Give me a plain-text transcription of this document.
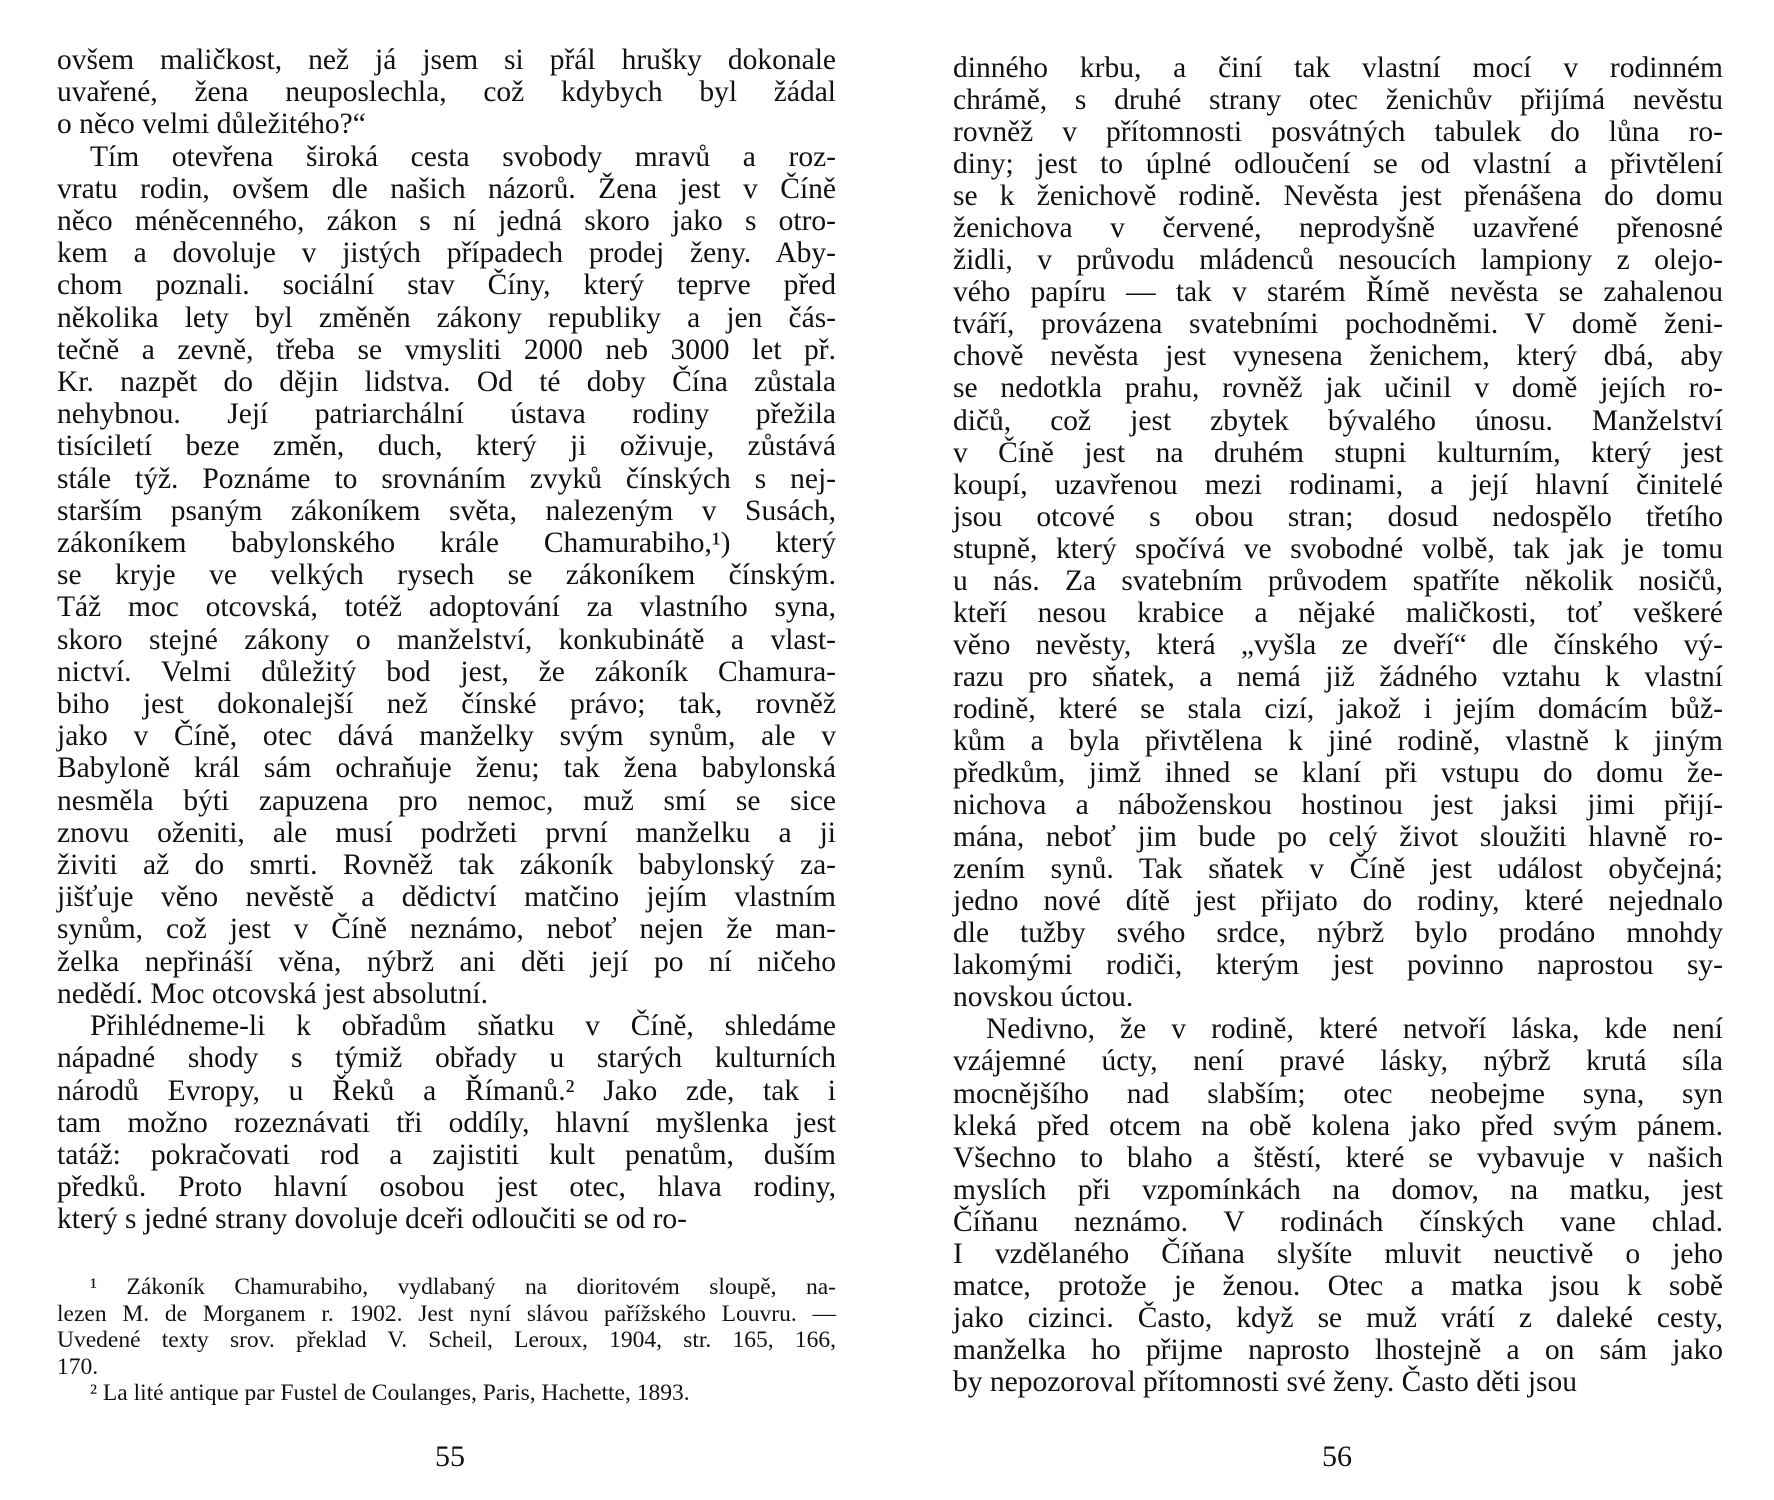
ovšem maličkost, než já jsem si přál hrušky dokonale
uvařené, žena neuposlechla, což kdybych byl žádal
o něco velmi důležitého?“
Tím otevřena široká cesta svobody mravů a roz-
vratu rodin, ovšem dle našich názorů. Žena jest v Číně
něco méněcenného, zákon s ní jedná skoro jako s otro-
kem a dovoluje v jistých případech prodej ženy. Aby-
chom poznali. sociální stav Číny, který teprve před
několika lety byl změněn zákony republiky a jen čás-
tečně a zevně, třeba se vmysliti 2000 neb 3000 let př.
Kr. nazpět do dějin lidstva. Od té doby Čína zůstala
nehybnou. Její patriarchální ústava rodiny přežila
tisíciletí beze změn, duch, který ji oživuje, zůstává
stále týž. Poznáme to srovnáním zvyků čínských s nej-
starším psaným zákoníkem světa, nalezeným v Susách,
zákoníkem babylonského krále Chamurabiho,¹) který
se kryje ve velkých rysech se zákoníkem čínským.
Táž moc otcovská, totéž adoptování za vlastního syna,
skoro stejné zákony o manželství, konkubinátě a vlast-
nictví. Velmi důležitý bod jest, že zákoník Chamura-
biho jest dokonalejší než čínské právo; tak, rovněž
jako v Číně, otec dává manželky svým synům, ale v
Babyloně král sám ochraňuje ženu; tak žena babylonská
nesměla býti zapuzena pro nemoc, muž smí se sice
znovu oženiti, ale musí podržeti první manželku a ji
živiti až do smrti. Rovněž tak zákoník babylonský za-
jišťuje věno nevěstě a dědictví matčino jejím vlastním
synům, což jest v Číně neznámo, neboť nejen že man-
želka nepřináší věna, nýbrž ani děti její po ní ničeho
nedědí. Moc otcovská jest absolutní.
Přihlédneme-li k obřadům sňatku v Číně, shledáme
nápadné shody s týmiž obřady u starých kulturních
národů Evropy, u Řeků a Římanů.² Jako zde, tak i
tam možno rozeznávati tři oddíly, hlavní myšlenka jest
tatáž: pokračovati rod a zajistiti kult penatům, duším
předků. Proto hlavní osobou jest otec, hlava rodiny,
který s jedné strany dovoluje dceři odloučiti se od ro-
¹ Zákoník Chamurabiho, vydlabaný na dioritovém sloupě, na-
lezen M. de Morganem r. 1902. Jest nyní slávou pařížského Louvru. —
Uvedené texty srov. překlad V. Scheil, Leroux, 1904, str. 165, 166,
170.
² La lité antique par Fustel de Coulanges, Paris, Hachette, 1893.
55
dinného krbu, a činí tak vlastní mocí v rodinném
chrámě, s druhé strany otec ženichův přijímá nevěstu
rovněž v přítomnosti posvátných tabulek do lůna ro-
diny; jest to úplné odloučení se od vlastní a přivtělení
se k ženichově rodině. Nevěsta jest přenášena do domu
ženichova v červené, neprodyšně uzavřené přenosné
židli, v průvodu mládenců nesoucích lampiony z olejo-
vého papíru — tak v starém Římě nevěsta se zahalenou
tváří, provázena svatebními pochodněmi. V domě ženi-
chově nevěsta jest vynesena ženichem, který dbá, aby
se nedotkla prahu, rovněž jak učinil v domě jejích ro-
dičů, což jest zbytek bývalého únosu. Manželství
v Číně jest na druhém stupni kulturním, který jest
koupí, uzavřenou mezi rodinami, a její hlavní činitelé
jsou otcové s obou stran; dosud nedospělo třetího
stupně, který spočívá ve svobodné volbě, tak jak je tomu
u nás. Za svatebním průvodem spatříte několik nosičů,
kteří nesou krabice a nějaké maličkosti, toť veškeré
věno nevěsty, která „vyšla ze dveří“ dle čínského vý-
razu pro sňatek, a nemá již žádného vztahu k vlastní
rodině, které se stala cizí, jakož i jejím domácím bůž-
kům a byla přivtělena k jiné rodině, vlastně k jiným
předkům, jimž ihned se klaní při vstupu do domu že-
nichova a náboženskou hostinou jest jaksi jimi přijí-
mána, neboť jim bude po celý život sloužiti hlavně ro-
zením synů. Tak sňatek v Číně jest událost obyčejná;
jedno nové dítě jest přijato do rodiny, které nejednalo
dle tužby svého srdce, nýbrž bylo prodáno mnohdy
lakomými rodiči, kterým jest povinno naprostou sy-
novskou úctou.
Nedivno, že v rodině, které netvoří láska, kde není
vzájemné úcty, není pravé lásky, nýbrž krutá síla
mocnějšího nad slabším; otec neobejme syna, syn
kleká před otcem na obě kolena jako před svým pánem.
Všechno to blaho a štěstí, které se vybavuje v našich
myslích při vzpomínkách na domov, na matku, jest
Číňanu neznámo. V rodinách čínských vane chlad.
I vzdělaného Číňana slyšíte mluvit neuctivě o jeho
matce, protože je ženou. Otec a matka jsou k sobě
jako cizinci. Často, když se muž vrátí z daleké cesty,
manželka ho přijme naprosto lhostejně a on sám jako
by nepozoroval přítomnosti své ženy. Často děti jsou
56
